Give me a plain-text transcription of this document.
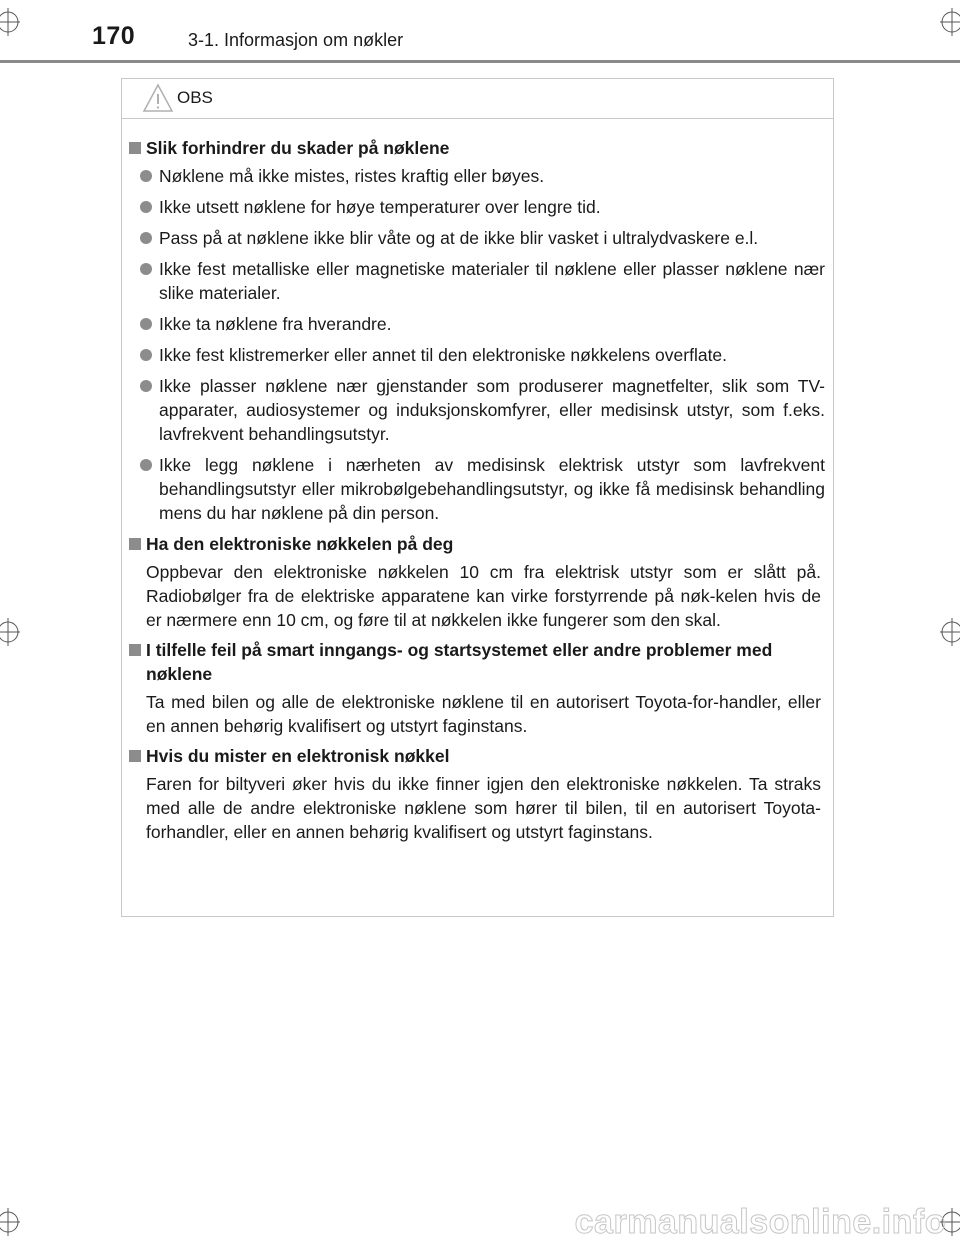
170	3-1. Informasjon om nøkler
OBS
Slik forhindrer du skader på nøklene
Nøklene må ikke mistes, ristes kraftig eller bøyes.
Ikke utsett nøklene for høye temperaturer over lengre tid.
Pass på at nøklene ikke blir våte og at de ikke blir vasket i ultralydvaskere e.l.
Ikke fest metalliske eller magnetiske materialer til nøklene eller plasser nøklene nær slike materialer.
Ikke ta nøklene fra hverandre.
Ikke fest klistremerker eller annet til den elektroniske nøkkelens overflate.
Ikke plasser nøklene nær gjenstander som produserer magnetfelter, slik som TV-apparater, audiosystemer og induksjonskomfyrer, eller medisinsk utstyr, som f.eks. lavfrekvent behandlingsutstyr.
Ikke legg nøklene i nærheten av medisinsk elektrisk utstyr som lavfrekvent behandlingsutstyr eller mikrobølgebehandlingsutstyr, og ikke få medisinsk behandling mens du har nøklene på din person.
Ha den elektroniske nøkkelen på deg
Oppbevar den elektroniske nøkkelen 10 cm fra elektrisk utstyr som er slått på. Radiobølger fra de elektriske apparatene kan virke forstyrrende på nøk-kelen hvis de er nærmere enn 10 cm, og føre til at nøkkelen ikke fungerer som den skal.
I tilfelle feil på smart inngangs- og startsystemet eller andre problemer med nøklene
Ta med bilen og alle de elektroniske nøklene til en autorisert Toyota-for-handler, eller en annen behørig kvalifisert og utstyrt faginstans.
Hvis du mister en elektronisk nøkkel
Faren for biltyveri øker hvis du ikke finner igjen den elektroniske nøkkelen. Ta straks med alle de andre elektroniske nøklene som hører til bilen, til en autorisert Toyota-forhandler, eller en annen behørig kvalifisert og utstyrt faginstans.
carmanualsonline.info
